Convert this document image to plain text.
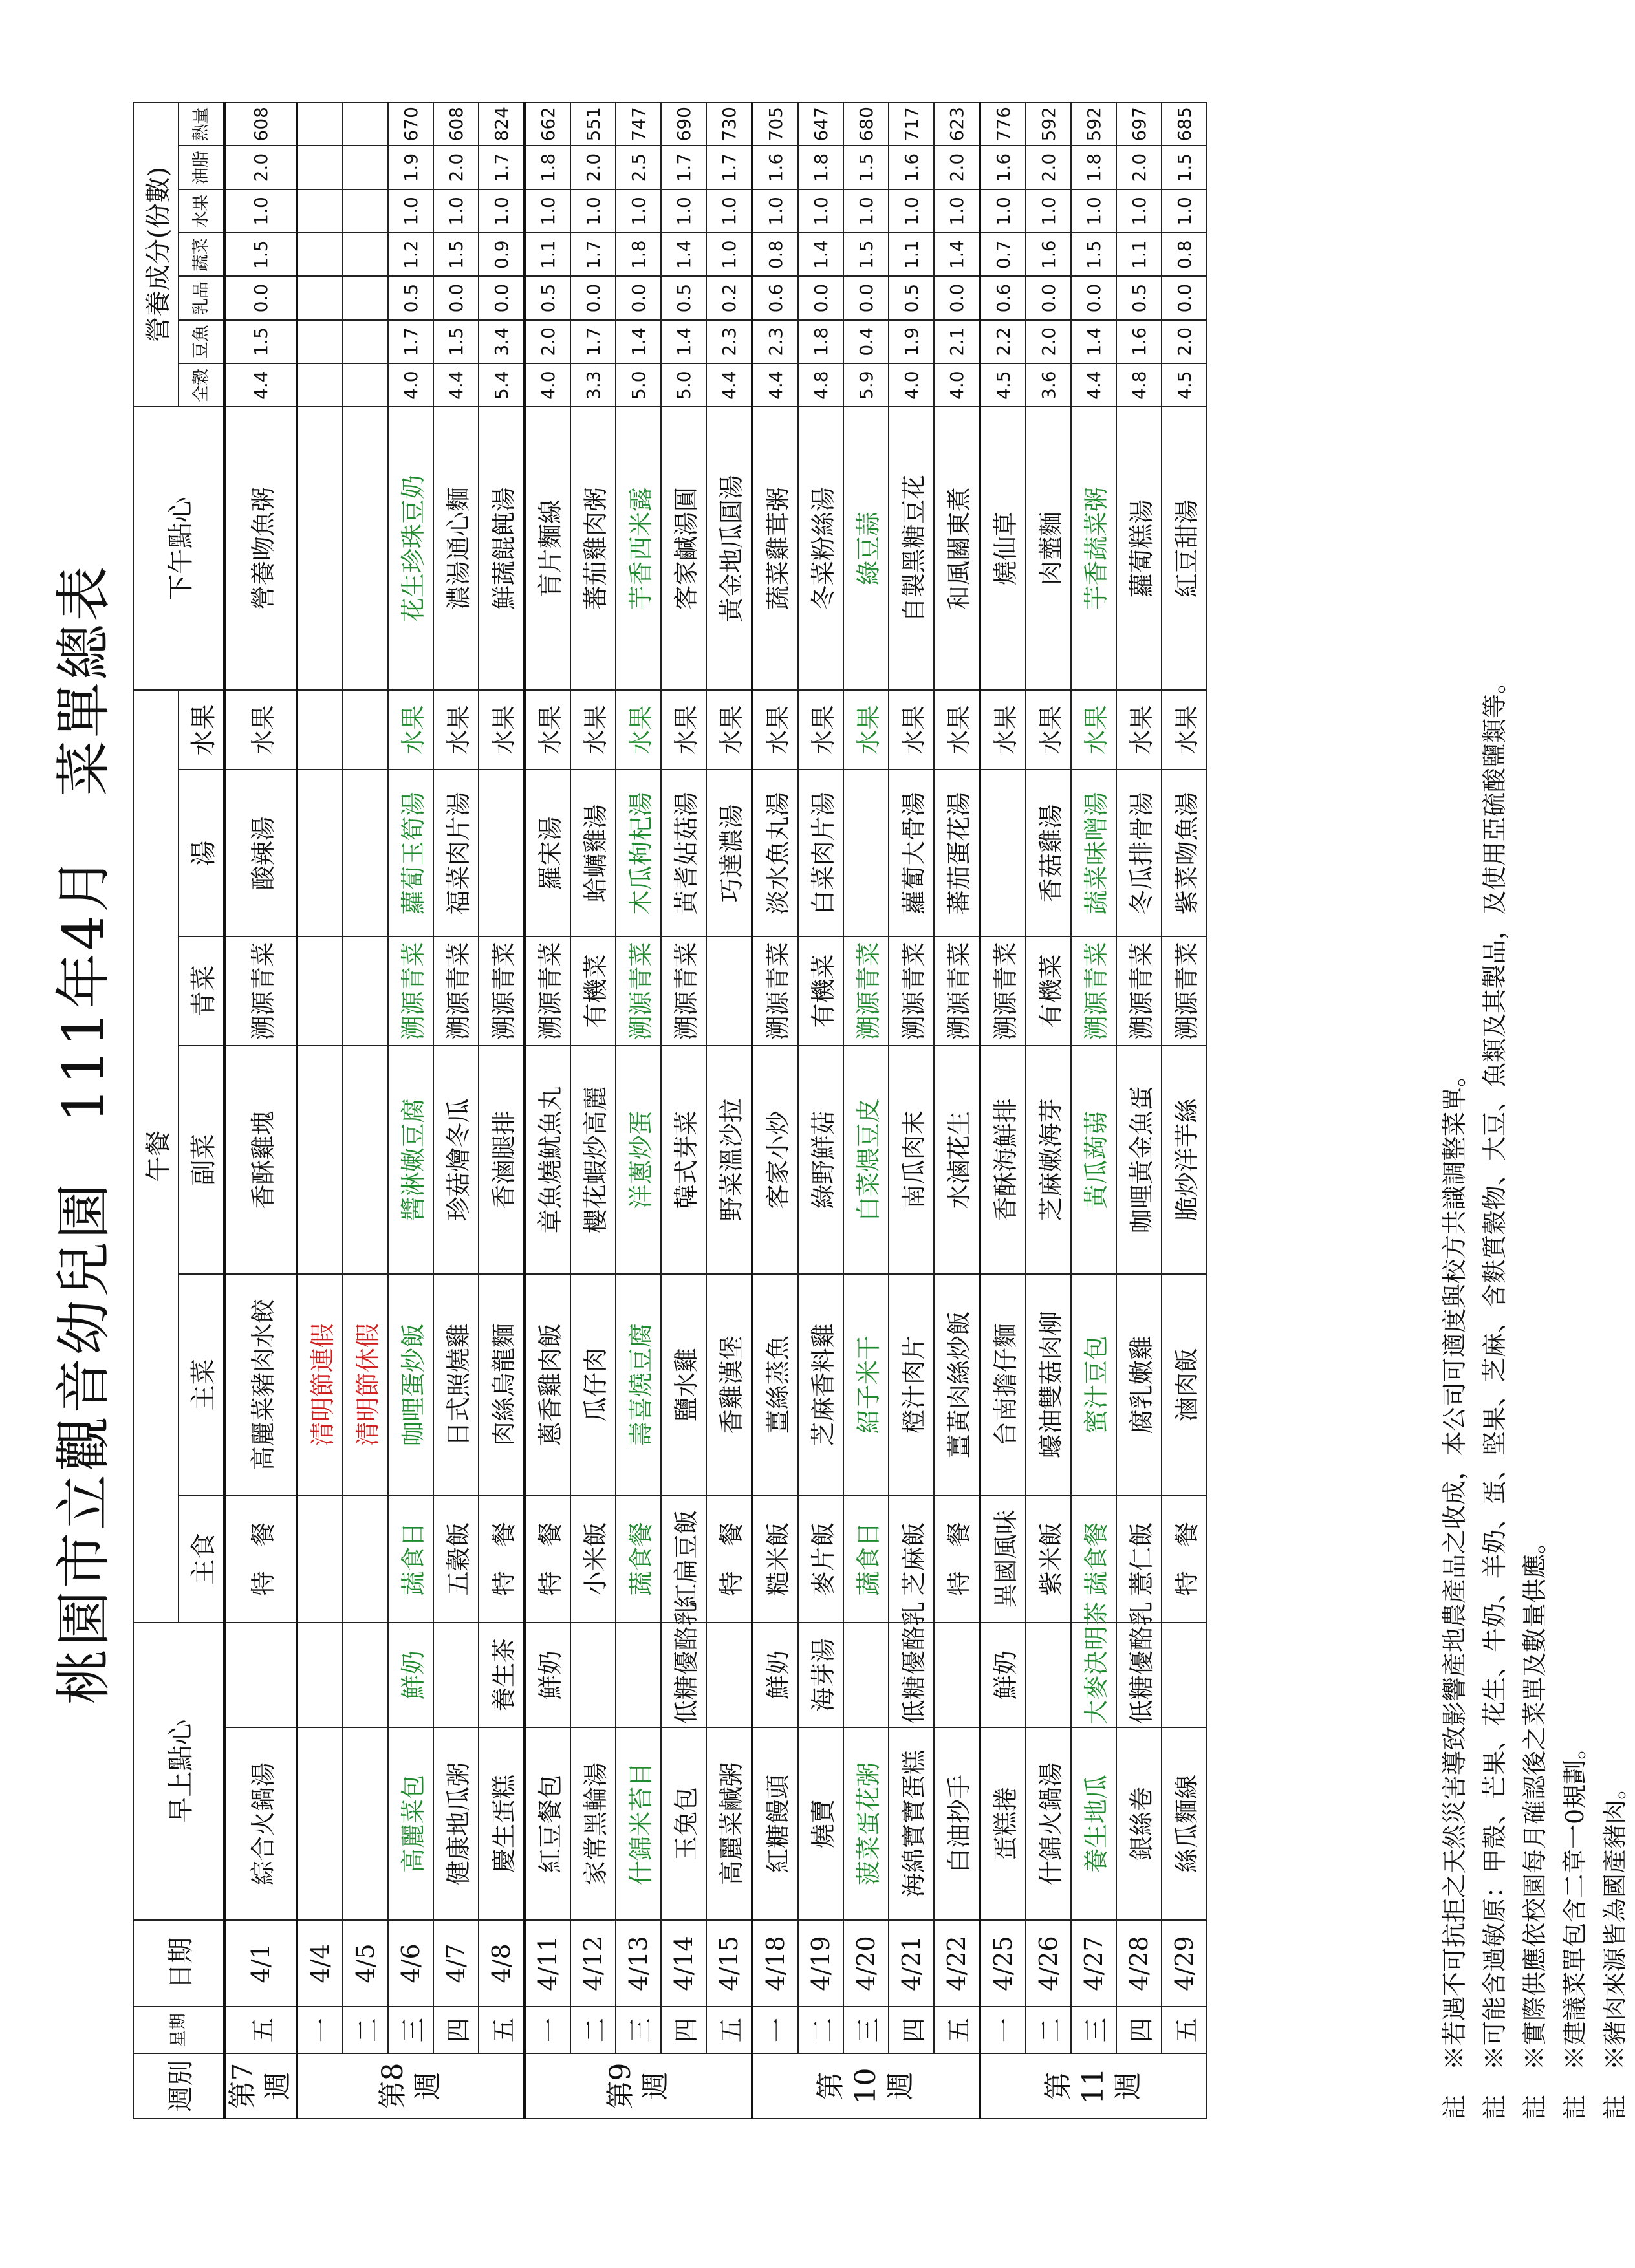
桃園市立觀音幼兒園　111年4月　菜單總表
週別	星期	日期	早上點心		午餐						下午點心	營養成分(份數)						
					主食	主菜	副菜	青菜	湯	水果		全穀	豆魚	乳品	蔬菜	水果	油脂	熱量
第7週	五	4/1	綜合火鍋湯		特　餐	高麗菜豬肉水餃	香酥雞塊	溯源青菜	酸辣湯	水果	營養吻魚粥	4.4	1.5	0.0	1.5	1.0	2.0	608
第8週	一	4/4				清明節連假												
	二	4/5				清明節休假												
	三	4/6	高麗菜包	鮮奶	蔬食日	咖哩蛋炒飯	醬淋嫩豆腐	溯源青菜	蘿蔔玉筍湯	水果	花生珍珠豆奶	4.0	1.7	0.5	1.2	1.0	1.9	670
	四	4/7	健康地瓜粥		五穀飯	日式照燒雞	珍菇燴冬瓜	溯源青菜	福菜肉片湯	水果	濃湯通心麵	4.4	1.5	0.0	1.5	1.0	2.0	608
	五	4/8	慶生蛋糕	養生茶	特　餐	肉絲烏龍麵	香滷腿排	溯源青菜		水果	鮮蔬餛飩湯	5.4	3.4	0.0	0.9	1.0	1.7	824
第9週	一	4/11	紅豆餐包	鮮奶	特　餐	蔥香雞肉飯	章魚燒魷魚丸	溯源青菜	羅宋湯	水果	肓片麵線	4.0	2.0	0.5	1.1	1.0	1.8	662
	二	4/12	家常黑輪湯		小米飯	瓜仔肉	櫻花蝦炒高麗	有機菜	蛤蠣雞湯	水果	蕃茄雞肉粥	3.3	1.7	0.0	1.7	1.0	2.0	551
	三	4/13	什錦米苔目		蔬食餐	壽喜燒豆腐	洋蔥炒蛋	溯源青菜	木瓜枸杞湯	水果	芋香西米露	5.0	1.4	0.0	1.8	1.0	2.5	747
	四	4/14	玉兔包	低糖優酪乳	紅扁豆飯	鹽水雞	韓式芽菜	溯源青菜	黃耆姑菇湯	水果	客家鹹湯圓	5.0	1.4	0.5	1.4	1.0	1.7	690
	五	4/15	高麗菜鹹粥		特　餐	香雞漢堡	野菜溫沙拉		巧達濃湯	水果	黃金地瓜圓湯	4.4	2.3	0.2	1.0	1.0	1.7	730
第10週	一	4/18	紅糖饅頭	鮮奶	糙米飯	薑絲蒸魚	客家小炒	溯源青菜	淡水魚丸湯	水果	蔬菜雞茸粥	4.4	2.3	0.6	0.8	1.0	1.6	705
	二	4/19	燒賣	海芽湯	麥片飯	芝麻香料雞	綠野鮮菇	有機菜	白菜肉片湯	水果	冬菜粉絲湯	4.8	1.8	0.0	1.4	1.0	1.8	647
	三	4/20	菠菜蛋花粥		蔬食日	紹子米干	白菜煨豆皮	溯源青菜		水果	綠豆蒜	5.9	0.4	0.0	1.5	1.0	1.5	680
	四	4/21	海綿寶寶蛋糕	低糖優酪乳	芝麻飯	橙汁肉片	南瓜肉末	溯源青菜	蘿蔔大骨湯	水果	自製黑糖豆花	4.0	1.9	0.5	1.1	1.0	1.6	717
	五	4/22	白油抄手		特　餐	薑黃肉絲炒飯	水滷花生	溯源青菜	蕃茄蛋花湯	水果	和風關東煮	4.0	2.1	0.0	1.4	1.0	2.0	623
第11週	一	4/25	蛋糕捲	鮮奶	異國風味	台南擔仔麵	香酥海鮮排	溯源青菜		水果	燒仙草	4.5	2.2	0.6	0.7	1.0	1.6	776
	二	4/26	什錦火鍋湯		紫米飯	蠔油雙菇肉柳	芝麻嫩海芽	有機菜	香菇雞湯	水果	肉虀麵	3.6	2.0	0.0	1.6	1.0	2.0	592
	三	4/27	養生地瓜	大麥決明茶	蔬食餐	蜜汁豆包	黃瓜蒟蒻	溯源青菜	蔬菜味噌湯	水果	芋香蔬菜粥	4.4	1.4	0.0	1.5	1.0	1.8	592
	四	4/28	銀絲卷	低糖優酪乳	薏仁飯	腐乳嫩雞	咖哩黃金魚蛋	溯源青菜	冬瓜排骨湯	水果	蘿蔔糕湯	4.8	1.6	0.5	1.1	1.0	2.0	697
	五	4/29	絲瓜麵線		特　餐	滷肉飯	脆炒洋芋絲	溯源青菜	紫菜吻魚湯	水果	紅豆甜湯	4.5	2.0	0.0	0.8	1.0	1.5	685
註　※若遇不可抗拒之天然災害導致影響產地農產品之收成，本公司可適度與校方共識調整菜單。 註　※可能含過敏原：甲殼、芒果、花生、牛奶、羊奶、蛋、堅果、芝麻、含麩質穀物、大豆、魚類及其製品，及使用亞硫酸鹽類等。 註　※實際供應依校園每月確認後之菜單及數量供應。 註　※建議菜單包含二章一0規劃。 註　※豬肉來源皆為國產豬肉。
